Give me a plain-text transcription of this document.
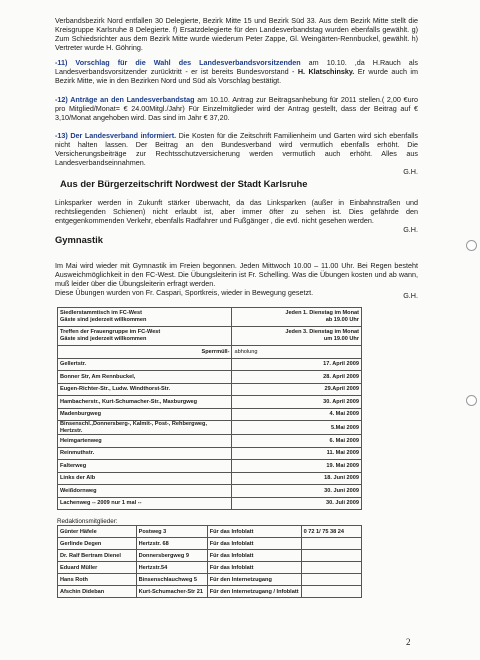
Verbandsbezirk Nord entfallen 30 Delegierte, Bezirk Mitte 15 und Bezirk Süd 33. Aus dem Bezirk Mitte stellt die Kreisgruppe Karlsruhe 8 Delegierte. f) Ersatzdelegierte für den Landesverbandstag wurden ebenfalls gewählt. g) Zum Schiedsrichter aus dem Bezirk Mitte wurde wiederum Peter Zappe, Gl. Weingärten-Rennbuckel, gewählt. h) Vertreter wurde H. Göhring.

-11) Vorschlag für die Wahl des Landesverbandsvorsitzenden am 10.10. ,da H.Rauch als Landesverbandsvorsitzender zurücktritt - er ist bereits Bundesvorstand - H. Klatschinsky. Er wurde auch im Bezirk Mitte, wie in den Bezirken Nord und Süd als Vorschlag bestätigt.

-12) Anträge an den Landesverbandstag am 10.10. Antrag zur Beitragsanhebung für 2011 stellen.( 2,00 €uro pro Mitglied/Monat= € 24.00Mitgl./Jahr) Für Einzelmitglieder wird der Antrag gestellt, dass der Beitrag auf € 3,10/Monat angehoben wird. Das sind im Jahr € 37,20.

-13) Der Landesverband informiert. Die Kosten für die Zeitschrift Familienheim und Garten wird sich ebenfalls nicht halten lassen. Der Beitrag an den Bundesverband wird vermutlich ebenfalls erhöht. Die Versicherungsbeiträge zur Rechtsschutzversicherung werden vermutlich auch erhöht. Alles aus Landesverbandseinnahmen.

G.H.

Aus der Bürgerzeitschrift Nordwest der Stadt Karlsruhe

Linksparker werden in Zukunft stärker überwacht, da das Linksparken (außer in Einbahnstraßen und rechtsliegenden Schienen) nicht erlaubt ist, aber immer öfter zu sehen ist. Dies gefährde den entgegenkommenden Verkehr, ebenfalls Radfahrer und Fußgänger , die evtl. nicht gesehen werden.

G.H.

Gymnastik

Im Mai wird wieder mit Gymnastik im Freien begonnen. Jeden Mittwoch 10.00 – 11.00 Uhr. Bei Regen besteht Ausweichmöglichkeit in den FC-West. Die Übungsleiterin ist Fr. Schelling. Was die Übungen kosten und ab wann, muß leider über die Übungsleiterin erfragt werden.
Diese Übungen wurden von Fr. Caspari, Sportkreis, wieder in Bewegung gesetzt.	G.H.
Siedlerstammtisch im FC-West
Gäste sind jederzeit willkommen	Jeden 1. Dienstag im Monat
ab 19.00 Uhr
Treffen der Frauengruppe im FC-West
Gäste sind jederzeit willkommen	Jeden 3. Dienstag im Monat
um 19.00 Uhr
Sperrmüll-	abholung
Gellertstr.	17. April 2009
Bonner Str, Am Rennbuckel,	28. April 2009
Eugen-Richter-Str., Ludw. Windthorst-Str.	29.April 2009
Hambacherstr., Kurt-Schumacher-Str., Maxburgweg	30. April 2009
Madenburgweg	4. Mai 2009
Binsenschl.,Donnersberg-, Kalmit-, Post-, Rehbergweg, Hertzstr.	5.Mai 2009
Heimgartenweg	6. Mai 2009
Reinmuthstr.	11. Mai 2009
Falterweg	19. Mai 2009
Links der Alb	18. Juni 2009
Weißdornweg	30. Juni 2009
Lachenweg -- 2009 nur 1 mal --	30. Juli 2009
Redaktionsmitglieder:
Günter Häfele	Postweg 3	Für das Infoblatt	0 72 1/ 75 38 24
Gerlinde Degen	Hertzstr. 68	Für das Infoblatt	
Dr. Ralf Bertram Dienel	Donnersbergweg 9	Für das Infoblatt	
Eduard Müller	Hertzstr.54	Für das Infoblatt	
Hans Roth	Binsenschlauchweg 5	Für den Internetzugang	
Afschin Dideban	Kurt-Schumacher-Str 21	Für den Internetzugang / Infoblatt	
2
